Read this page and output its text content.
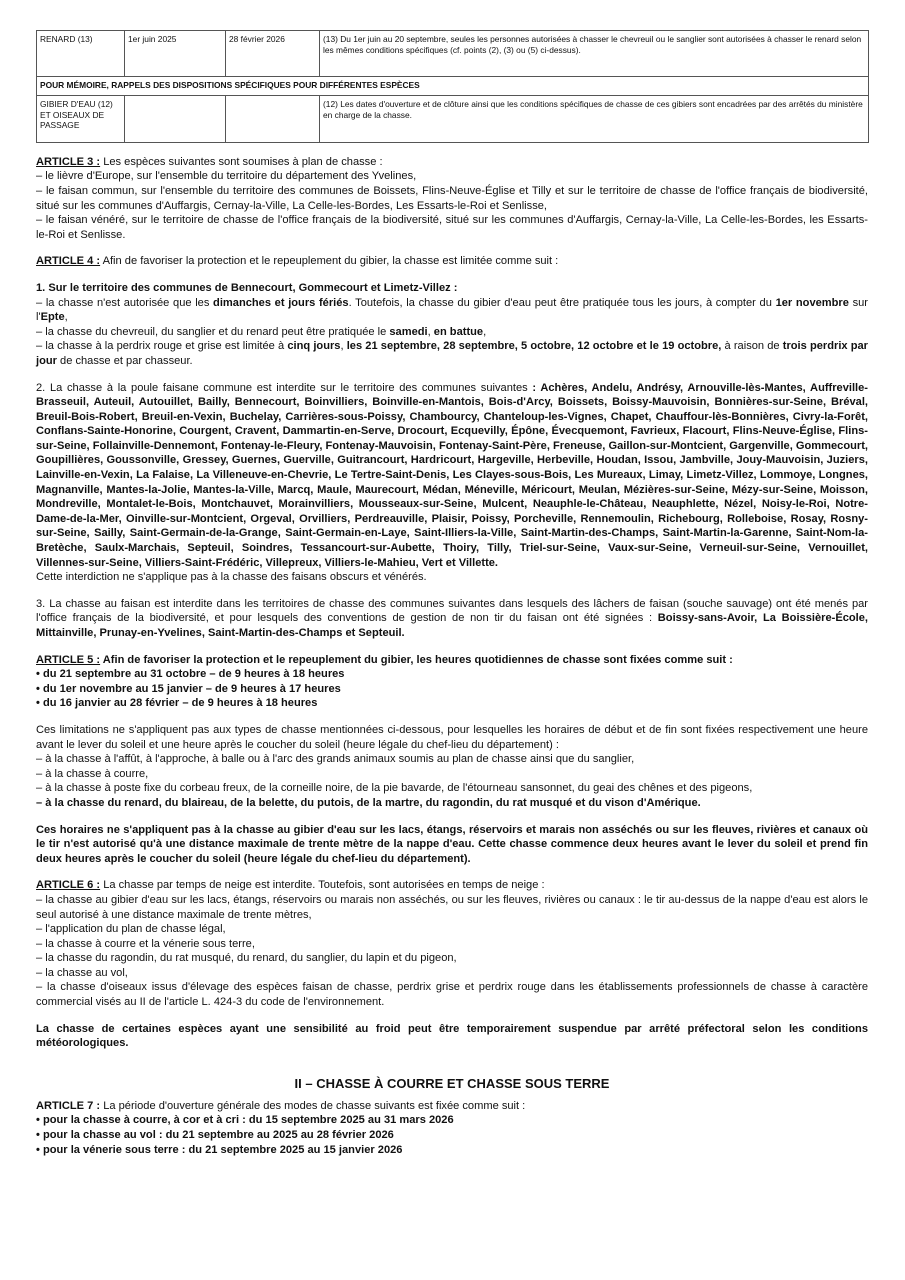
RENARD (13)	1er juin 2025	28 février 2026	(13) Du 1er juin au 20 septembre, seules les personnes autorisées à chasser le chevreuil ou le sanglier sont autorisées à chasser le renard selon les mêmes conditions spécifiques (cf. points (2), (3) ou (5) ci-dessus).
POUR MÉMOIRE, RAPPELS DES DISPOSITIONS SPÉCIFIQUES POUR DIFFÉRENTES ESPÈCES			
GIBIER D'EAU (12) ET OISEAUX DE PASSAGE			(12) Les dates d'ouverture et de clôture ainsi que les conditions spécifiques de chasse de ces gibiers sont encadrées par des arrêtés du ministère en charge de la chasse.

ARTICLE 3 : Les espèces suivantes sont soumises à plan de chasse :

– le lièvre d'Europe, sur l'ensemble du territoire du département des Yvelines,

– le faisan commun, sur l'ensemble du territoire des communes de Boissets, Flins-Neuve-Église et Tilly et sur le territoire de chasse de l'office français de biodiversité, situé sur les communes d'Auffargis, Cernay-la-Ville, La Celle-les-Bordes, Les Essarts-le-Roi et Senlisse,

– le faisan vénéré, sur le territoire de chasse de l'office français de la biodiversité, situé sur les communes d'Auffargis, Cernay-la-Ville, La Celle-les-Bordes, les Essarts-le-Roi et Senlisse.

ARTICLE 4 : Afin de favoriser la protection et le repeuplement du gibier, la chasse est limitée comme suit :

1. Sur le territoire des communes de Bennecourt, Gommecourt et Limetz-Villez :

– la chasse n'est autorisée que les dimanches et jours fériés. Toutefois, la chasse du gibier d'eau peut être pratiquée tous les jours, à compter du 1er novembre sur l'Epte,

– la chasse du chevreuil, du sanglier et du renard peut être pratiquée le samedi, en battue,

– la chasse à la perdrix rouge et grise est limitée à cinq jours, les 21 septembre, 28 septembre, 5 octobre, 12 octobre et le 19 octobre, à raison de trois perdrix par jour de chasse et par chasseur.

2. La chasse à la poule faisane commune est interdite sur le territoire des communes suivantes : Achères, Andelu, Andrésy, Arnouville-lès-Mantes, Auffreville-Brasseuil, Auteuil, Autouillet, Bailly, Bennecourt, Boinvilliers, Boinville-en-Mantois, Bois-d'Arcy, Boissets, Boissy-Mauvoisin, Bonnières-sur-Seine, Bréval, Breuil-Bois-Robert, Breuil-en-Vexin, Buchelay, Carrières-sous-Poissy, Chambourcy, Chanteloup-les-Vignes, Chapet, Chauffour-lès-Bonnières, Civry-la-Forêt, Conflans-Sainte-Honorine, Courgent, Cravent, Dammartin-en-Serve, Drocourt, Ecquevilly, Épône, Évecquemont, Favrieux, Flacourt, Flins-Neuve-Église, Flins-sur-Seine, Follainville-Dennemont, Fontenay-le-Fleury, Fontenay-Mauvoisin, Fontenay-Saint-Père, Freneuse, Gaillon-sur-Montcient, Gargenville, Gommecourt, Goupillières, Goussonville, Gressey, Guernes, Guerville, Guitrancourt, Hardricourt, Hargeville, Herbeville, Houdan, Issou, Jambville, Jouy-Mauvoisin, Juziers, Lainville-en-Vexin, La Falaise, La Villeneuve-en-Chevrie, Le Tertre-Saint-Denis, Les Clayes-sous-Bois, Les Mureaux, Limay, Limetz-Villez, Lommoye, Longnes, Magnanville, Mantes-la-Jolie, Mantes-la-Ville, Marcq, Maule, Maurecourt, Médan, Méneville, Méricourt, Meulan, Mézières-sur-Seine, Mézy-sur-Seine, Moisson, Mondreville, Montalet-le-Bois, Montchauvet, Morainvilliers, Mousseaux-sur-Seine, Mulcent, Neauphle-le-Château, Neauphlette, Nézel, Noisy-le-Roi, Notre-Dame-de-la-Mer, Oinville-sur-Montcient, Orgeval, Orvilliers, Perdreauville, Plaisir, Poissy, Porcheville, Rennemoulin, Richebourg, Rolleboise, Rosay, Rosny-sur-Seine, Sailly, Saint-Germain-de-la-Grange, Saint-Germain-en-Laye, Saint-Illiers-la-Ville, Saint-Martin-des-Champs, Saint-Martin-la-Garenne, Saint-Nom-la-Bretèche, Saulx-Marchais, Septeuil, Soindres, Tessancourt-sur-Aubette, Thoiry, Tilly, Triel-sur-Seine, Vaux-sur-Seine, Verneuil-sur-Seine, Vernouillet, Villennes-sur-Seine, Villiers-Saint-Frédéric, Villepreux, Villiers-le-Mahieu, Vert et Villette.

Cette interdiction ne s'applique pas à la chasse des faisans obscurs et vénérés.

3. La chasse au faisan est interdite dans les territoires de chasse des communes suivantes dans lesquels des lâchers de faisan (souche sauvage) ont été menés par l'office français de la biodiversité, et pour lesquels des conventions de gestion de non tir du faisan ont été signées : Boissy-sans-Avoir, La Boissière-École, Mittainville, Prunay-en-Yvelines, Saint-Martin-des-Champs et Septeuil.

ARTICLE 5 : Afin de favoriser la protection et le repeuplement du gibier, les heures quotidiennes de chasse sont fixées comme suit :

• du 21 septembre au 31 octobre – de 9 heures à 18 heures

• du 1er novembre au 15 janvier – de 9 heures à 17 heures

• du 16 janvier au 28 février – de 9 heures à 18 heures

Ces limitations ne s'appliquent pas aux types de chasse mentionnées ci-dessous, pour lesquelles les horaires de début et de fin sont fixées respectivement une heure avant le lever du soleil et une heure après le coucher du soleil (heure légale du chef-lieu du département) :

– à la chasse à l'affût, à l'approche, à balle ou à l'arc des grands animaux soumis au plan de chasse ainsi que du sanglier,

– à la chasse à courre,

– à la chasse à poste fixe du corbeau freux, de la corneille noire, de la pie bavarde, de l'étourneau sansonnet, du geai des chênes et des pigeons,

– à la chasse du renard, du blaireau, de la belette, du putois, de la martre, du ragondin, du rat musqué et du vison d'Amérique.

Ces horaires ne s'appliquent pas à la chasse au gibier d'eau sur les lacs, étangs, réservoirs et marais non asséchés ou sur les fleuves, rivières et canaux où le tir n'est autorisé qu'à une distance maximale de trente mètre de la nappe d'eau. Cette chasse commence deux heures avant le lever du soleil et prend fin deux heures après le coucher du soleil (heure légale du chef-lieu du département).

ARTICLE 6 : La chasse par temps de neige est interdite. Toutefois, sont autorisées en temps de neige :

– la chasse au gibier d'eau sur les lacs, étangs, réservoirs ou marais non asséchés, ou sur les fleuves, rivières ou canaux : le tir au-dessus de la nappe d'eau est alors le seul autorisé à une distance maximale de trente mètres,

– l'application du plan de chasse légal,

– la chasse à courre et la vénerie sous terre,

– la chasse du ragondin, du rat musqué, du renard, du sanglier, du lapin et du pigeon,

– la chasse au vol,

– la chasse d'oiseaux issus d'élevage des espèces faisan de chasse, perdrix grise et perdrix rouge dans les établissements professionnels de chasse à caractère commercial visés au II de l'article L. 424-3 du code de l'environnement.

La chasse de certaines espèces ayant une sensibilité au froid peut être temporairement suspendue par arrêté préfectoral selon les conditions météorologiques.

II – CHASSE À COURRE ET CHASSE SOUS TERRE

ARTICLE 7 : La période d'ouverture générale des modes de chasse suivants est fixée comme suit :

• pour la chasse à courre, à cor et à cri : du 15 septembre 2025 au 31 mars 2026

• pour la chasse au vol : du 21 septembre au 2025 au 28 février 2026

• pour la vénerie sous terre : du 21 septembre 2025 au 15 janvier 2026
